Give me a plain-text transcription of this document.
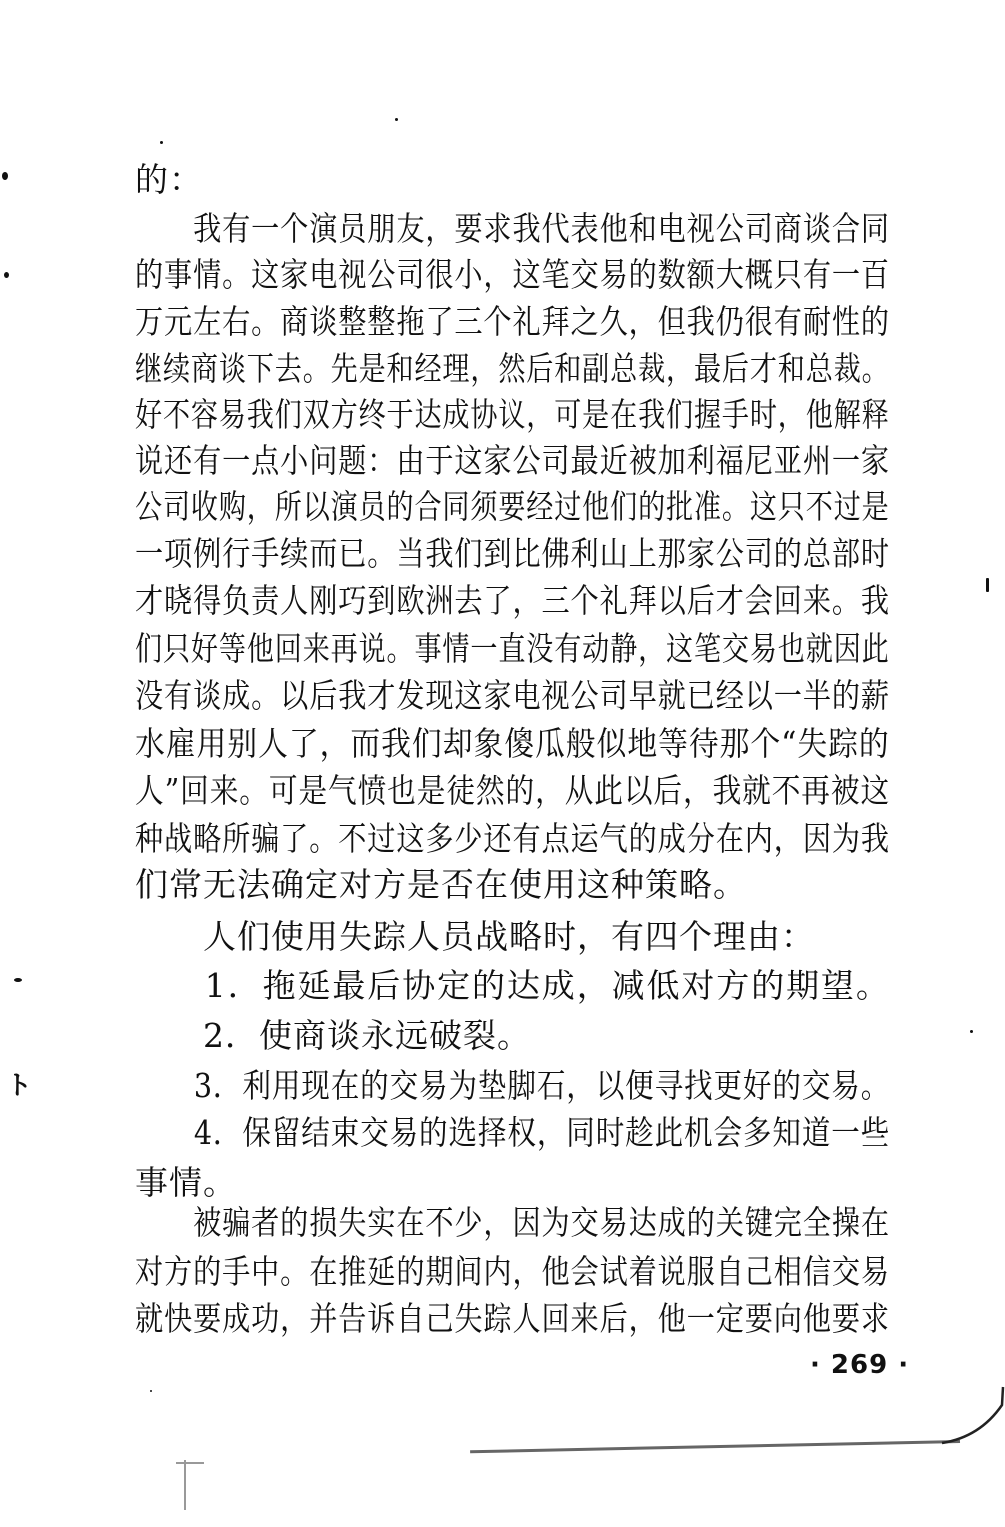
的：
　　我有一个演员朋友，要求我代表他和电视公司商谈合同
的事情。这家电视公司很小，这笔交易的数额大概只有一百
万元左右。商谈整整拖了三个礼拜之久，但我仍很有耐性的
继续商谈下去。先是和经理，然后和副总裁，最后才和总裁。
好不容易我们双方终于达成协议，可是在我们握手时，他解释
说还有一点小问题：由于这家公司最近被加利福尼亚州一家
公司收购，所以演员的合同须要经过他们的批准。这只不过是
一项例行手续而已。当我们到比佛利山上那家公司的总部时
才晓得负责人刚巧到欧洲去了，三个礼拜以后才会回来。我
们只好等他回来再说。事情一直没有动静，这笔交易也就因此
没有谈成。以后我才发现这家电视公司早就已经以一半的薪
水雇用别人了，而我们却象傻瓜般似地等待那个“失踪的
人”回来。可是气愤也是徒然的，从此以后，我就不再被这
种战略所骗了。不过这多少还有点运气的成分在内，因为我
们常无法确定对方是否在使用这种策略。
　　人们使用失踪人员战略时，有四个理由：
　　1．拖延最后协定的达成，减低对方的期望。
　　2．使商谈永远破裂。
　　3．利用现在的交易为垫脚石，以便寻找更好的交易。
　　4．保留结束交易的选择权，同时趁此机会多知道一些
事情。
　　被骗者的损失实在不少，因为交易达成的关键完全操在
对方的手中。在推延的期间内，他会试着说服自己相信交易
就快要成功，并告诉自己失踪人回来后，他一定要向他要求
· 269 ·
ト
